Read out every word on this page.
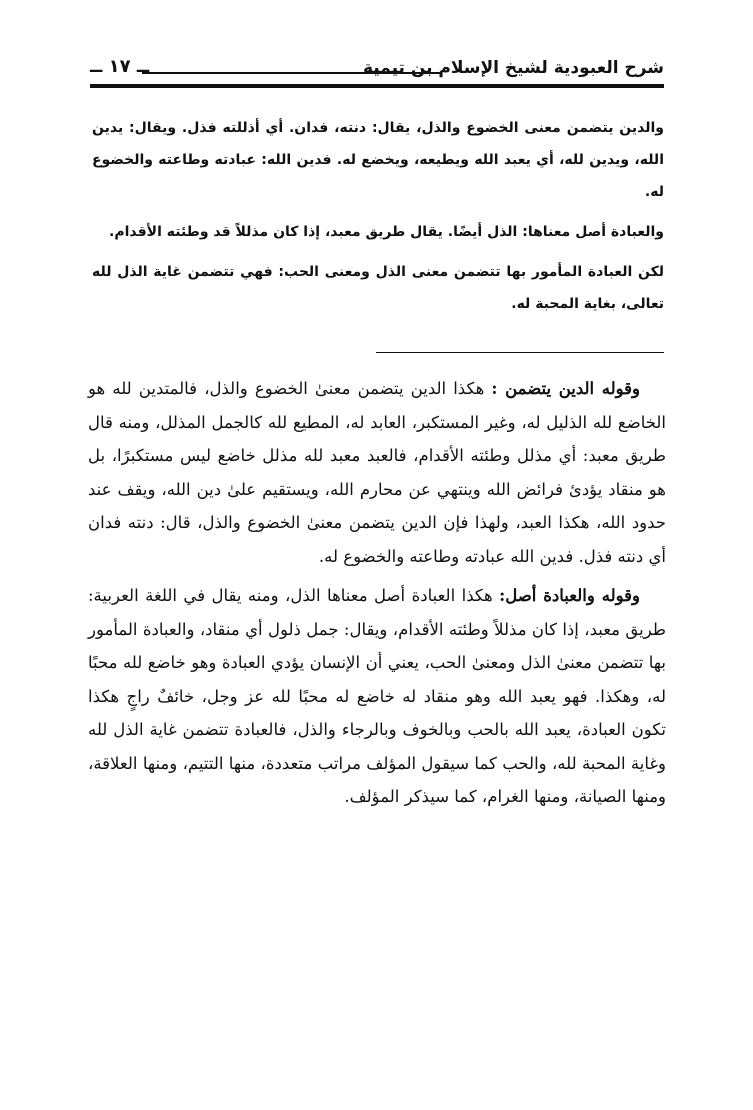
شرح العبودية لشيخ الإسلام بن تيمية
ــ ١٧ ــ

والدين يتضمن معنى الخضوع والذل، يقال: دنته، فدان. أي أذللته فذل. ويقال: يدين الله، ويدين لله، أي يعبد الله ويطيعه، ويخضع له. فدين الله: عبادته وطاعته والخضوع له.

والعبادة أصل معناها: الذل أيضًا. يقال طريق معبد، إذا كان مذللاً قد وطئته الأقدام.

لكن العبادة المأمور بها تتضمن معنى الذل ومعنى الحب: فهي تتضمن غاية الذل لله تعالى، بغاية المحبة له.

وقوله الدين يتضمن : هكذا الدين يتضمن معنىٰ الخضوع والذل، فالمتدين لله هو الخاضع لله الذليل له، وغير المستكبر، العابد له، المطيع لله كالجمل المذلل، ومنه قال طريق معبد: أي مذلل وطئته الأقدام، فالعبد معبد لله مذلل خاضع ليس مستكبرًا، بل هو منقاد يؤدئ فرائض الله وينتهي عن محارم الله، ويستقيم علىٰ دين الله، ويقف عند حدود الله، هكذا العبد، ولهذا فإن الدين يتضمن معنىٰ الخضوع والذل، قال: دنته فدان أي دنته فذل. فدين الله عبادته وطاعته والخضوع له.

وقوله والعبادة أصل: هكذا العبادة أصل معناها الذل، ومنه يقال في اللغة العربية: طريق معبد، إذا كان مذللاً وطئته الأقدام، ويقال: جمل ذلول أي منقاد، والعبادة المأمور بها تتضمن معنىٰ الذل ومعنىٰ الحب، يعني أن الإنسان يؤدي العبادة وهو خاضع لله محبًا له، وهكذا. فهو يعبد الله وهو منقاد له خاضع له محبًا لله عز وجل، خائفٌ راجٍ هكذا تكون العبادة، يعبد الله بالحب وبالخوف وبالرجاء والذل، فالعبادة تتضمن غاية الذل لله وغاية المحبة لله، والحب كما سيقول المؤلف مراتب متعددة، منها التتيم، ومنها العلاقة، ومنها الصيانة، ومنها الغرام، كما سيذكر المؤلف.
